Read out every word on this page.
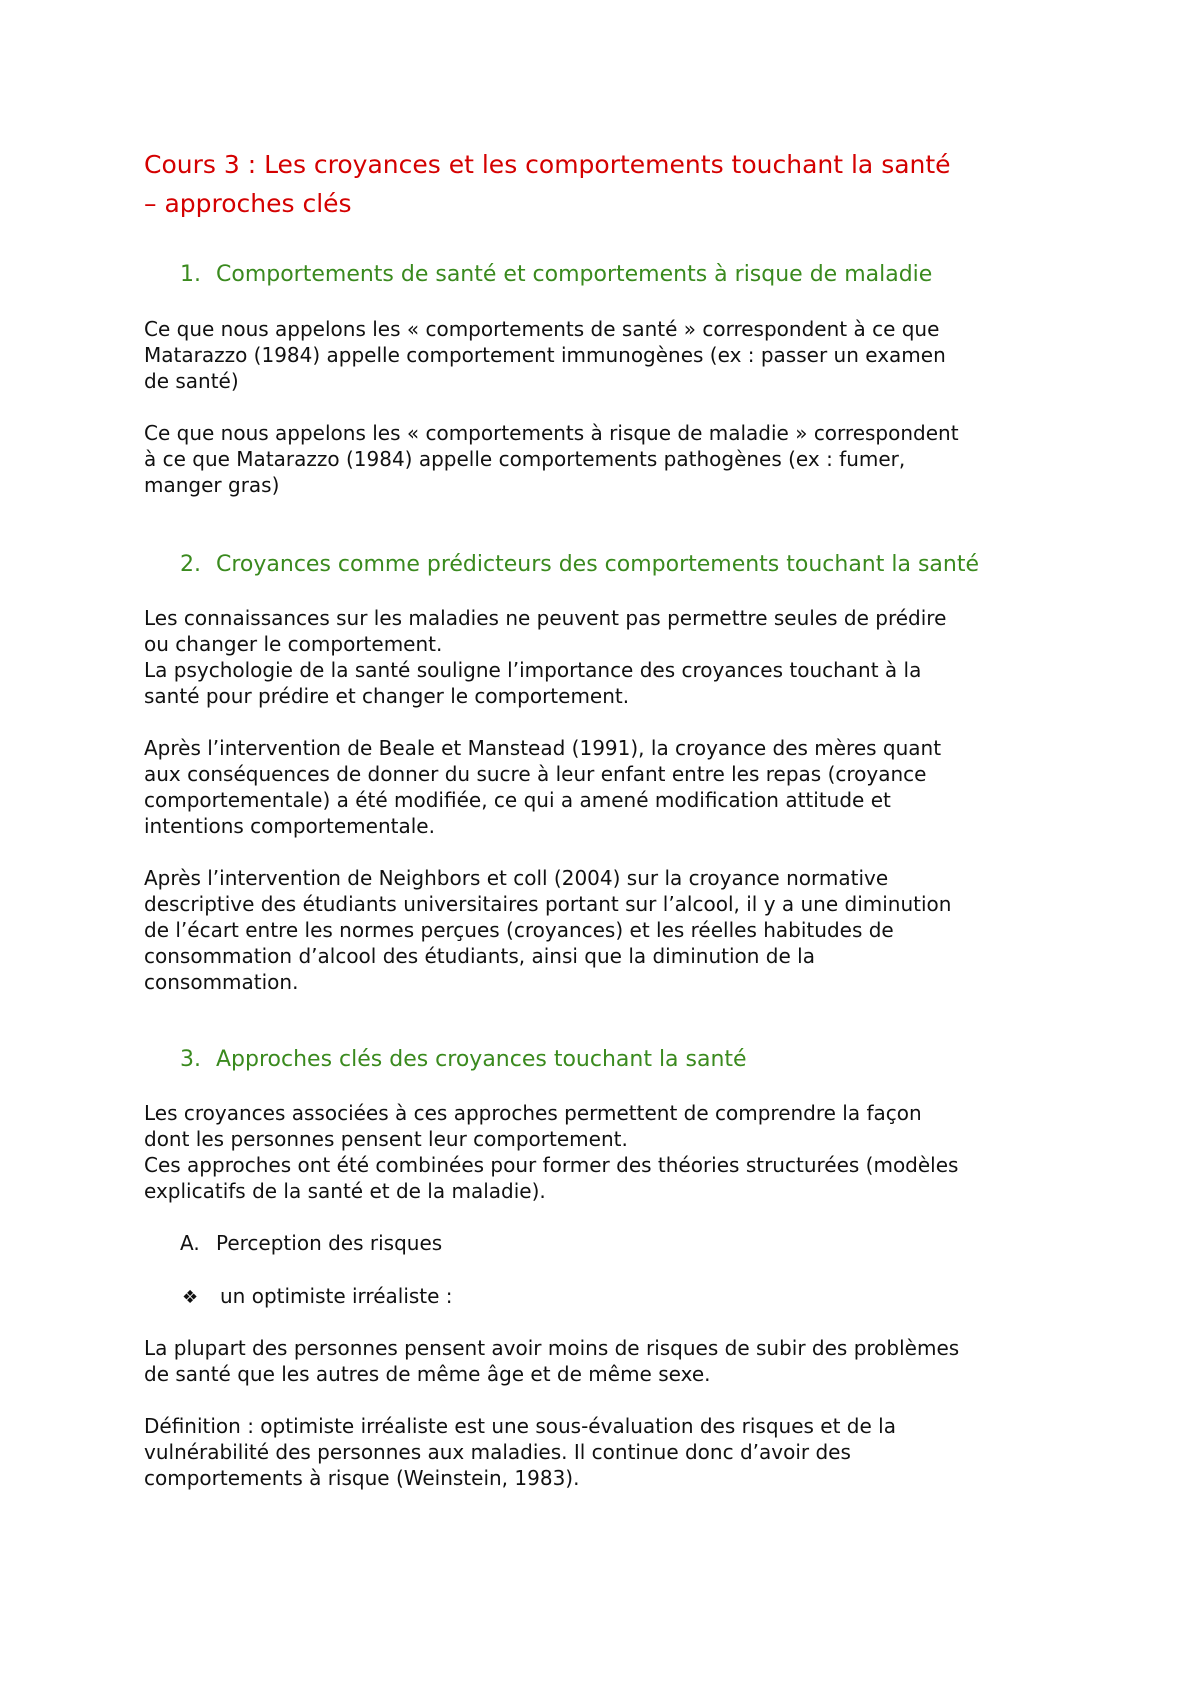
Cours 3 : Les croyances et les comportements touchant la santé
– approches clés
1. Comportements de santé et comportements à risque de maladie
Ce que nous appelons les « comportements de santé » correspondent à ce que
Matarazzo (1984) appelle comportement immunogènes (ex : passer un examen
de santé)
Ce que nous appelons les « comportements à risque de maladie » correspondent
à ce que Matarazzo (1984) appelle comportements pathogènes (ex : fumer,
manger gras)
2. Croyances comme prédicteurs des comportements touchant la santé
Les connaissances sur les maladies ne peuvent pas permettre seules de prédire
ou changer le comportement.
La psychologie de la santé souligne l’importance des croyances touchant à la
santé pour prédire et changer le comportement.
Après l’intervention de Beale et Manstead (1991), la croyance des mères quant
aux conséquences de donner du sucre à leur enfant entre les repas (croyance
comportementale) a été modifiée, ce qui a amené modification attitude et
intentions comportementale.
Après l’intervention de Neighbors et coll (2004) sur la croyance normative
descriptive des étudiants universitaires portant sur l’alcool, il y a une diminution
de l’écart entre les normes perçues (croyances) et les réelles habitudes de
consommation d’alcool des étudiants, ainsi que la diminution de la
consommation.
3. Approches clés des croyances touchant la santé
Les croyances associées à ces approches permettent de comprendre la façon
dont les personnes pensent leur comportement.
Ces approches ont été combinées pour former des théories structurées (modèles
explicatifs de la santé et de la maladie).
A. Perception des risques
❖ un optimiste irréaliste :
La plupart des personnes pensent avoir moins de risques de subir des problèmes
de santé que les autres de même âge et de même sexe.
Définition : optimiste irréaliste est une sous-évaluation des risques et de la
vulnérabilité des personnes aux maladies. Il continue donc d’avoir des
comportements à risque (Weinstein, 1983).
